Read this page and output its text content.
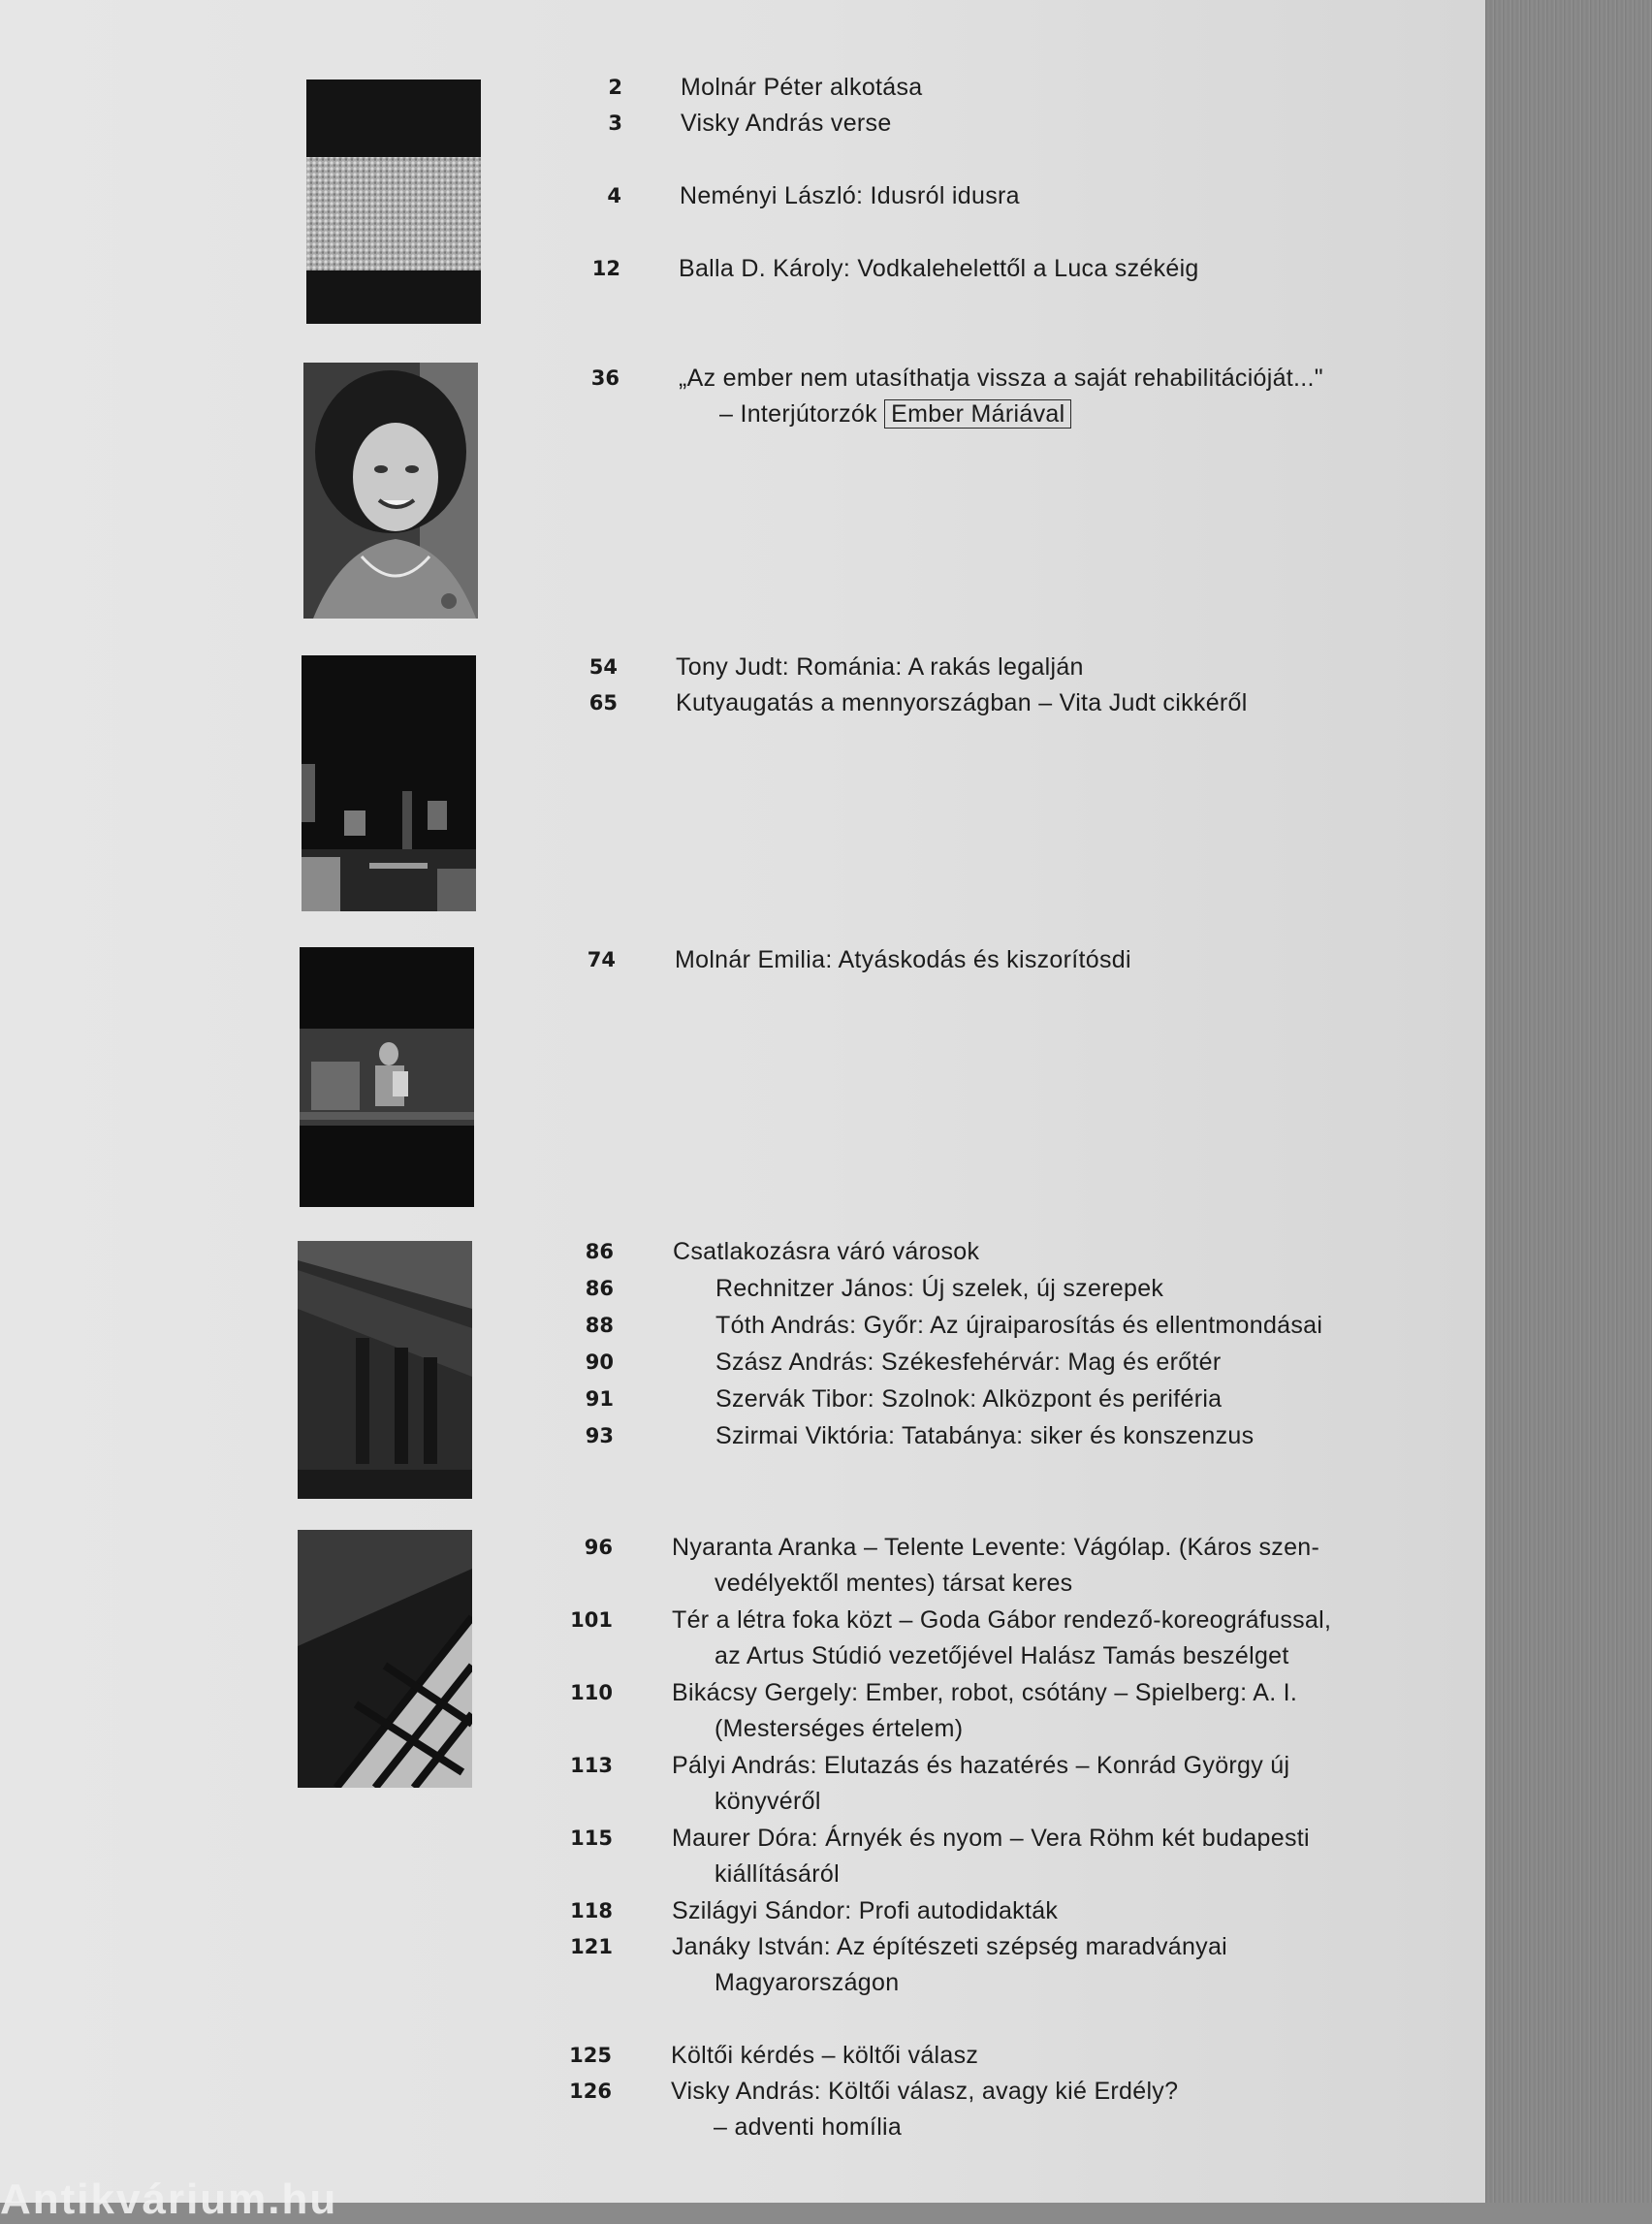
2 Molnár Péter alkotása
3 Visky András verse
4 Neményi László: Idusról idusra
12 Balla D. Károly: Vodkalehelettől a Luca székéig
36 „Az ember nem utasíthatja vissza a saját rehabilitációját..."
– Interjútorzók Ember Máriával
54 Tony Judt: Románia: A rakás legalján
65 Kutyaugatás a mennyországban – Vita Judt cikkéről
74 Molnár Emilia: Atyáskodás és kiszorítósdi
86 Csatlakozásra váró városok
86	Rechnitzer János: Új szelek, új szerepek
88	Tóth András: Győr: Az újraiparosítás és ellentmondásai
90	Szász András: Székesfehérvár: Mag és erőtér
91	Szervák Tibor: Szolnok: Alközpont és periféria
93	Szirmai Viktória: Tatabánya: siker és konszenzus
96 Nyaranta Aranka – Telente Levente: Vágólap. (Káros szen-
vedélyektől mentes) társat keres
101 Tér a létra foka közt – Goda Gábor rendező-koreográfussal,
az Artus Stúdió vezetőjével Halász Tamás beszélget
110 Bikácsy Gergely: Ember, robot, csótány – Spielberg: A. I.
(Mesterséges értelem)
113 Pályi András: Elutazás és hazatérés – Konrád György új
könyvéről
115 Maurer Dóra: Árnyék és nyom – Vera Röhm két budapesti
kiállításáról
118 Szilágyi Sándor: Profi autodidakták
121 Janáky István: Az építészeti szépség maradványai
Magyarországon
125 Költői kérdés – költői válasz
126 Visky András: Költői válasz, avagy kié Erdély?
– adventi homília
Antikvárium.hu
